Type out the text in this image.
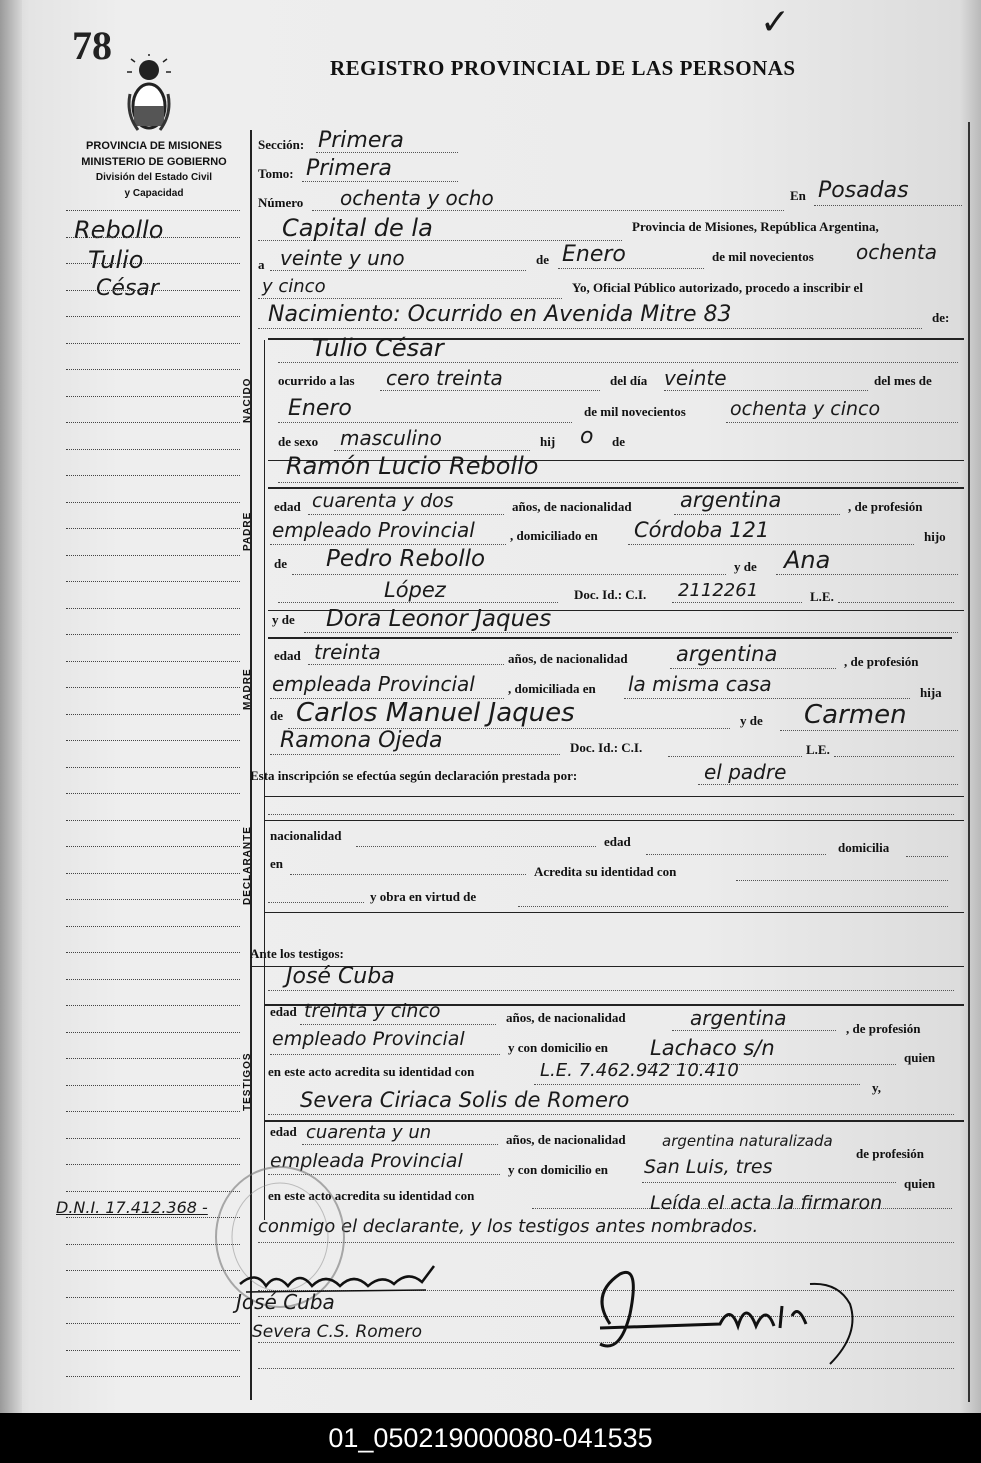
78
✓
REGISTRO PROVINCIAL DE LAS PERSONAS
PROVINCIA DE MISIONES
MINISTERIO DE GOBIERNO
División del Estado Civil
y Capacidad
Rebollo
Tulio
César
D.N.I. 17.412.368 -
Sección: Primera
Tomo: Primera
Número ochenta y ocho	En Posadas
Capital de la	Provincia de Misiones, República Argentina,
a veinte y uno	de Enero	de mil novecientos ochenta
y cinco	Yo, Oficial Público autorizado, procedo a inscribir el
Nacimiento: Ocurrido en Avenida Mitre 83	de:
NACIDO
Tulio César
ocurrido a las cero treinta	del día veinte	del mes de
Enero	de mil novecientos ochenta y cinco
de sexo masculino	hij o de
Ramón Lucio Rebollo
PADRE
edad cuarenta y dos	años, de nacionalidad argentina	, de profesión
empleado Provincial	, domiciliado en Córdoba 121	hijo
de Pedro Rebollo	y de Ana
López	Doc. Id.: C.I. 2112261	L.E.
y de Dora Leonor Jaques
MADRE
edad treinta	años, de nacionalidad argentina	, de profesión
empleada Provincial	, domiciliada en la misma casa	hija
de Carlos Manuel Jaques	y de Carmen
Ramona Ojeda	Doc. Id.: C.I.	L.E.
Esta inscripción se efectúa según declaración prestada por:	el padre
DECLARANTE	nacionalidad	edad	domicilia
en
Acredita su identidad con
y obra en virtud de
Ante los testigos:
José Cuba
TESTIGOS
edad treinta y cinco	años, de nacionalidad	argentina	, de profesión
empleado Provincial	y con domicilio en Lachaco s/n	quien
en este acto acredita su identidad con	L.E. 7.462.942 10.410
y,
Severa Ciriaca Solis de Romero
edad cuarenta y un	años, de nacionalidad argentina naturalizada
de profesión
empleada Provincial	y con domicilio en San Luis, tres
quien
en este acto acredita su identidad con	Leída el acta la firmaron
conmigo el declarante, y los testigos antes nombrados.
José Cuba
Severa C.S. Romero
01_050219000080-041535
